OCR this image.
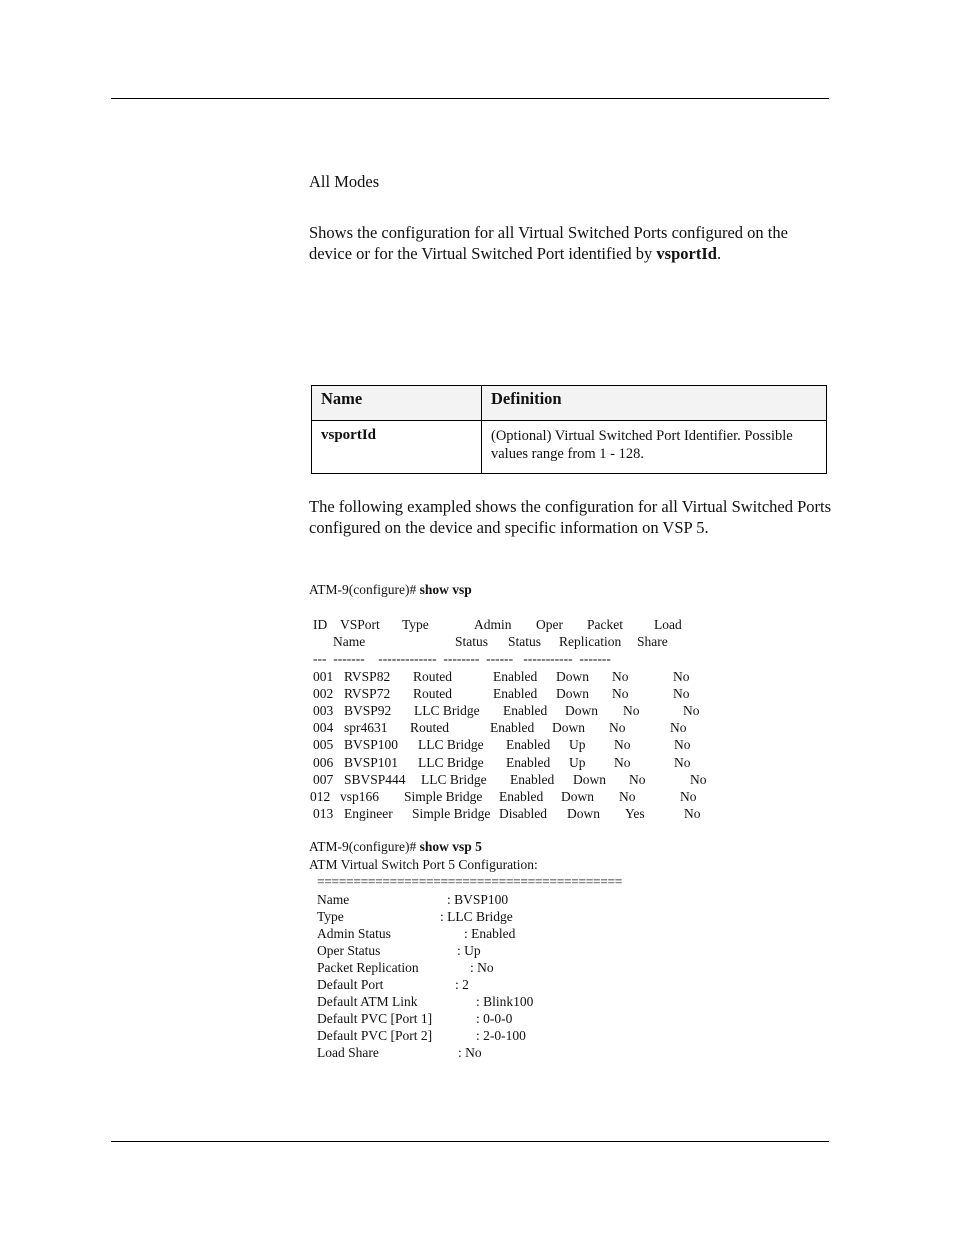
All Modes
Shows the configuration for all Virtual Switched Ports configured on the device or for the Virtual Switched Port identified by vsportId.
Name	Definition

vsportId	(Optional) Virtual Switched Port Identifier. Possible values range from 1 - 128.
The following exampled shows the configuration for all Virtual Switched Ports configured on the device and specific information on VSP 5.
ATM-9(configure)# show vsp
ID VSPort Type	Admin Oper Packet Load
Name	Status Status Replication Share
---  -------    -------------  --------  ------   -----------  -------
001 RVSP82 Routed	Enabled Down No	No
002 RVSP72 Routed	Enabled Down No	No
003 BVSP92 LLC Bridge Enabled Down No	No
004 spr4631 Routed	Enabled Down No	No
005 BVSP100 LLC Bridge Enabled Up No	No
006 BVSP101 LLC Bridge Enabled Up No	No
007 SBVSP444 LLC Bridge Enabled Down No	No
012 vsp166 Simple Bridge Enabled Down No	No
013 Engineer Simple Bridge Disabled Down Yes	No
ATM-9(configure)# show vsp 5
ATM Virtual Switch Port 5 Configuration:
==========================================
Name	: BVSP100
Type	: LLC Bridge
Admin Status	: Enabled
Oper Status	: Up
Packet Replication	: No
Default Port	: 2
Default ATM Link	: Blink100
Default PVC [Port 1]	: 0-0-0
Default PVC [Port 2]	: 2-0-100
Load Share	: No
